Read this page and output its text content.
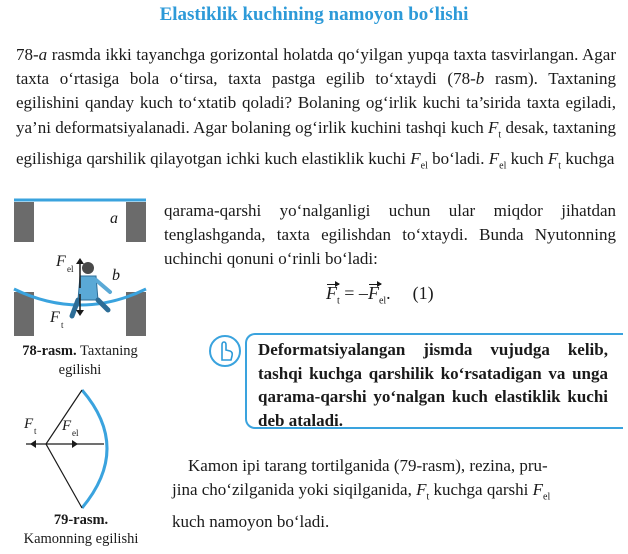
Elastiklik kuchining namoyon bo‘lishi

78-a rasmda ikki tayanchga gorizontal holatda qo‘yilgan yupqa taxta tasvirlangan. Agar taxta o‘rtasiga bola o‘tirsa, taxta pastga egilib to‘xtaydi (78-b rasm). Taxtaning egilishini qanday kuch to‘xtatib qoladi? Bolaning og‘irlik kuchi ta’sirida taxta egiladi, ya’ni deformatsiyalanadi. Agar bolaning og‘irlik kuchini tashqi kuch $F_t$ desak, taxtaning egilishiga qarshilik qilayotgan ichki kuch elastiklik kuchi $F_{el}$ bo‘ladi. $F_{el}$ kuch $F_t$ kuchga

qarama-qarshi yo‘nalganligi uchun ular miqdor jihatdan tenglashganda, taxta egilishdan to‘xtaydi. Bunda Nyutonning uchinchi qonuni o‘rinli bo‘ladi:

$F_t = -F_{el}$. (1)
Deformatsiyalangan jismda vujudga kelib, tashqi kuchga qarshilik ko‘rsatadigan va unga qarama-qarshi yo‘nalgan kuch elastiklik kuchi deb ataladi.

Kamon ipi tarang tortilganida (79-rasm), rezina, pru-

jina cho‘zilganida yoki siqilganida, $F_t$ kuchga qarshi $F_{el}$
kuch namoyon bo‘ladi.

a
F el b
F t
78-rasm. Taxtaning
egilishi
F t F el
79-rasm.
Kamonning egilishi
